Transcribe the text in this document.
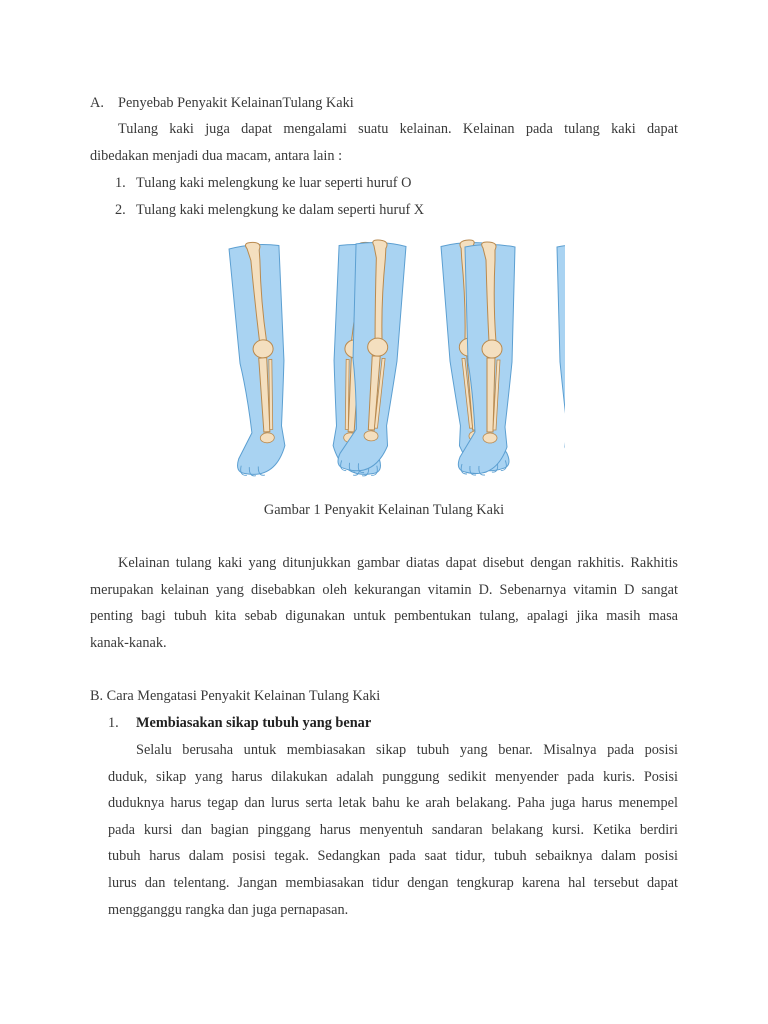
A. Penyebab Penyakit KelainanTulang Kaki
Tulang kaki juga dapat mengalami suatu kelainan. Kelainan pada tulang kaki dapat
dibedakan menjadi dua macam, antara lain :
1. Tulang kaki melengkung ke luar seperti huruf O
2. Tulang kaki melengkung ke dalam seperti huruf X
Gambar 1 Penyakit Kelainan Tulang Kaki
Kelainan tulang kaki yang ditunjukkan gambar diatas dapat disebut dengan rakhitis. Rakhitis
merupakan kelainan yang disebabkan oleh kekurangan vitamin D. Sebenarnya vitamin D sangat
penting bagi tubuh kita sebab digunakan untuk pembentukan tulang, apalagi jika masih masa
kanak-kanak.
B. Cara Mengatasi Penyakit Kelainan Tulang Kaki
1. Membiasakan sikap tubuh yang benar
Selalu berusaha untuk membiasakan sikap tubuh yang benar. Misalnya pada posisi
duduk, sikap yang harus dilakukan adalah punggung sedikit menyender pada kuris. Posisi
duduknya harus tegap dan lurus serta letak bahu ke arah belakang. Paha juga harus menempel
pada kursi dan bagian pinggang harus menyentuh sandaran belakang kursi. Ketika berdiri
tubuh harus dalam posisi tegak. Sedangkan pada saat tidur, tubuh sebaiknya dalam posisi
lurus dan telentang. Jangan membiasakan tidur dengan tengkurap karena hal tersebut dapat
mengganggu rangka dan juga pernapasan.
